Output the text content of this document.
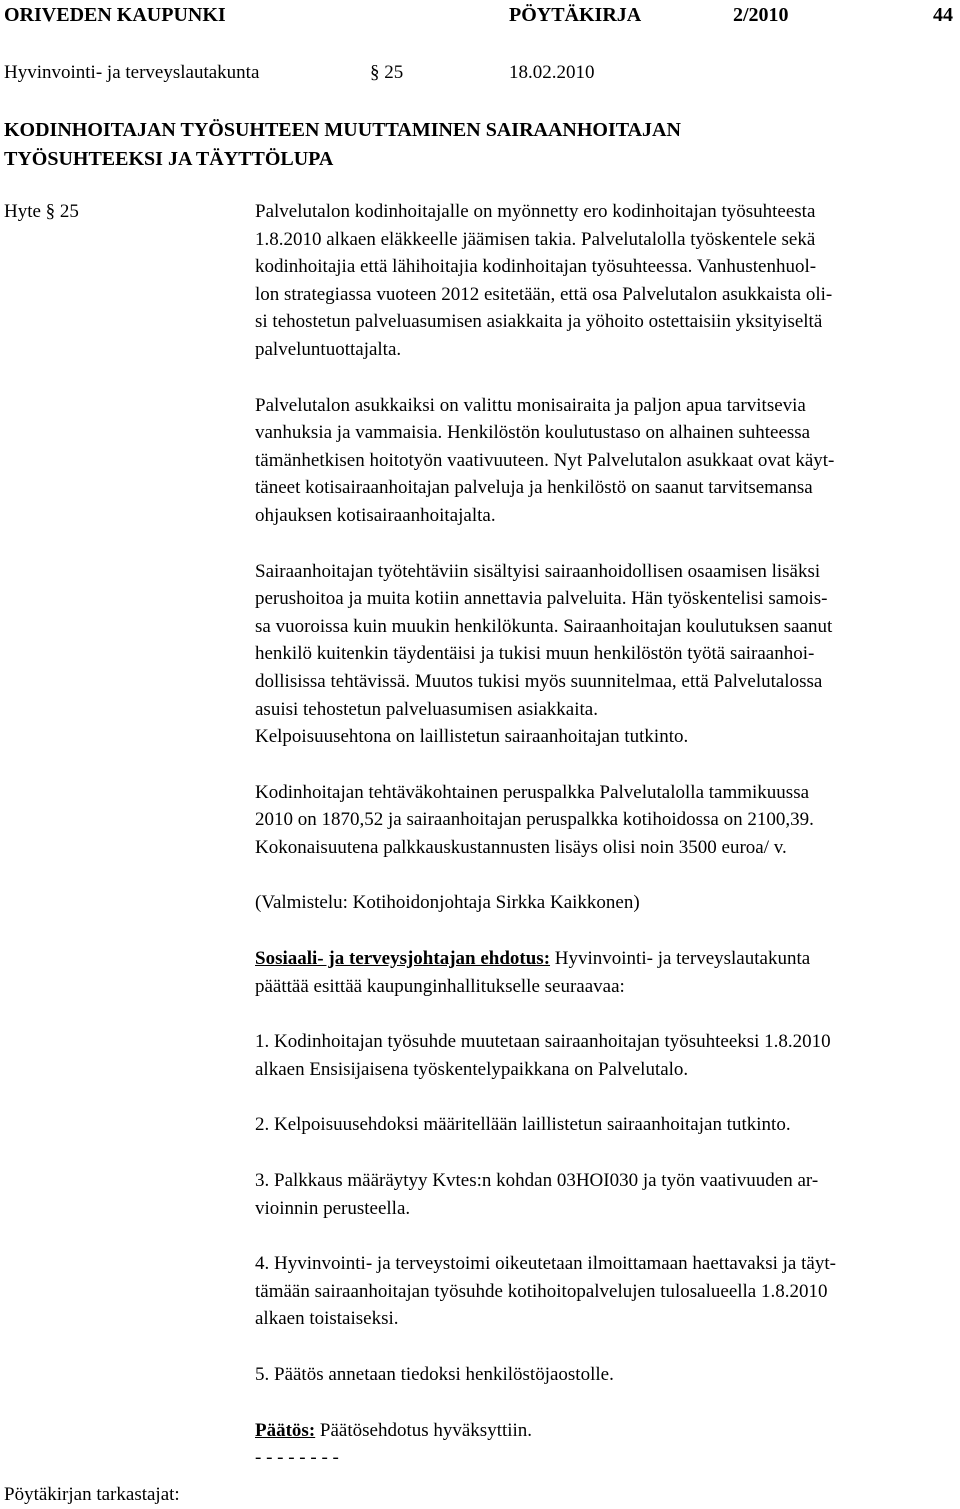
ORIVEDEN KAUPUNKI	PÖYTÄKIRJA	2/2010	44
Hyvinvointi- ja terveyslautakunta	§ 25	18.02.2010
KODINHOITAJAN TYÖSUHTEEN MUUTTAMINEN SAIRAANHOITAJAN
TYÖSUHTEEKSI JA TÄYTTÖLUPA
Hyte § 25	Palvelutalon kodinhoitajalle on myönnetty ero kodinhoitajan työsuhteesta
1.8.2010 alkaen eläkkeelle jäämisen takia. Palvelutalolla työskentele sekä
kodinhoitajia että lähihoitajia kodinhoitajan työsuhteessa. Vanhustenhuol-
lon strategiassa vuoteen 2012 esitetään, että osa Palvelutalon asukkaista oli-
si tehostetun palveluasumisen asiakkaita ja yöhoito ostettaisiin yksityiseltä
palveluntuottajalta.

Palvelutalon asukkaiksi on valittu monisairaita ja paljon apua tarvitsevia
vanhuksia ja vammaisia. Henkilöstön koulutustaso on alhainen suhteessa
tämänhetkisen hoitotyön vaativuuteen. Nyt Palvelutalon asukkaat ovat käyt-
täneet kotisairaanhoitajan palveluja ja henkilöstö on saanut tarvitsemansa
ohjauksen kotisairaanhoitajalta.

Sairaanhoitajan työtehtäviin sisältyisi sairaanhoidollisen osaamisen lisäksi
perushoitoa ja muita kotiin annettavia palveluita. Hän työskentelisi samois-
sa vuoroissa kuin muukin henkilökunta. Sairaanhoitajan koulutuksen saanut
henkilö kuitenkin täydentäisi ja tukisi muun henkilöstön työtä sairaanhoi-
dollisissa tehtävissä. Muutos tukisi myös suunnitelmaa, että Palvelutalossa
asuisi tehostetun palveluasumisen asiakkaita.
Kelpoisuusehtona on laillistetun sairaanhoitajan tutkinto.

Kodinhoitajan tehtäväkohtainen peruspalkka Palvelutalolla tammikuussa
2010 on 1870,52 ja sairaanhoitajan peruspalkka kotihoidossa on 2100,39.
Kokonaisuutena palkkauskustannusten lisäys olisi noin 3500 euroa/ v.

(Valmistelu: Kotihoidonjohtaja Sirkka Kaikkonen)

Sosiaali- ja terveysjohtajan ehdotus: Hyvinvointi- ja terveyslautakunta
päättää esittää kaupunginhallitukselle seuraavaa:

1. Kodinhoitajan työsuhde muutetaan sairaanhoitajan työsuhteeksi 1.8.2010
alkaen Ensisijaisena työskentelypaikkana on Palvelutalo.

2. Kelpoisuusehdoksi määritellään laillistetun sairaanhoitajan tutkinto.

3. Palkkaus määräytyy Kvtes:n kohdan 03HOI030 ja työn vaativuuden ar-
vioinnin perusteella.

4. Hyvinvointi- ja terveystoimi oikeutetaan ilmoittamaan haettavaksi ja täyt-
tämään sairaanhoitajan työsuhde kotihoitopalvelujen tulosalueella 1.8.2010
alkaen toistaiseksi.

5. Päätös annetaan tiedoksi henkilöstöjaostolle.

Päätös: Päätösehdotus hyväksyttiin.
- - - - - - - -

Pöytäkirjan tarkastajat:
